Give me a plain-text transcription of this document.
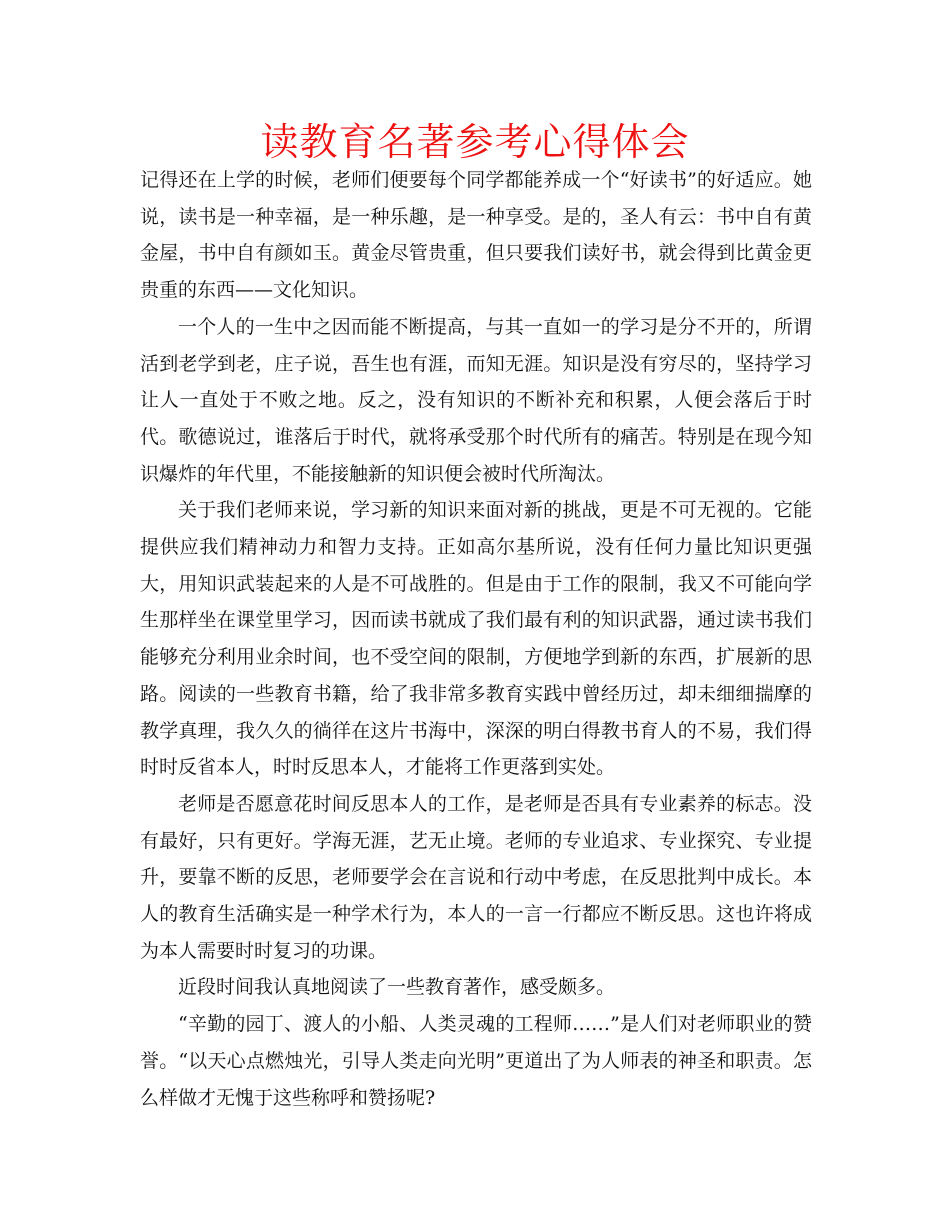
读教育名著参考心得体会

记得还在上学的时候，老师们便要每个同学都能养成一个“好读书”的好适应。她说，读书是一种幸福，是一种乐趣，是一种享受。是的，圣人有云：书中自有黄金屋，书中自有颜如玉。黄金尽管贵重，但只要我们读好书，就会得到比黄金更贵重的东西——文化知识。

一个人的一生中之因而能不断提高，与其一直如一的学习是分不开的，所谓活到老学到老，庄子说，吾生也有涯，而知无涯。知识是没有穷尽的，坚持学习让人一直处于不败之地。反之，没有知识的不断补充和积累，人便会落后于时代。歌德说过，谁落后于时代，就将承受那个时代所有的痛苦。特别是在现今知识爆炸的年代里，不能接触新的知识便会被时代所淘汰。

关于我们老师来说，学习新的知识来面对新的挑战，更是不可无视的。它能提供应我们精神动力和智力支持。正如高尔基所说，没有任何力量比知识更强大，用知识武装起来的人是不可战胜的。但是由于工作的限制，我又不可能向学生那样坐在课堂里学习，因而读书就成了我们最有利的知识武器，通过读书我们能够充分利用业余时间，也不受空间的限制，方便地学到新的东西，扩展新的思路。阅读的一些教育书籍，给了我非常多教育实践中曾经历过，却未细细揣摩的教学真理，我久久的徜徉在这片书海中，深深的明白得教书育人的不易，我们得时时反省本人，时时反思本人，才能将工作更落到实处。

老师是否愿意花时间反思本人的工作，是老师是否具有专业素养的标志。没有最好，只有更好。学海无涯，艺无止境。老师的专业追求、专业探究、专业提升，要靠不断的反思，老师要学会在言说和行动中考虑，在反思批判中成长。本人的教育生活确实是一种学术行为，本人的一言一行都应不断反思。这也许将成为本人需要时时复习的功课。

近段时间我认真地阅读了一些教育著作，感受颇多。

“辛勤的园丁、渡人的小船、人类灵魂的工程师……”是人们对老师职业的赞誉。“以天心点燃烛光，引导人类走向光明”更道出了为人师表的神圣和职责。怎么样做才无愧于这些称呼和赞扬呢?
